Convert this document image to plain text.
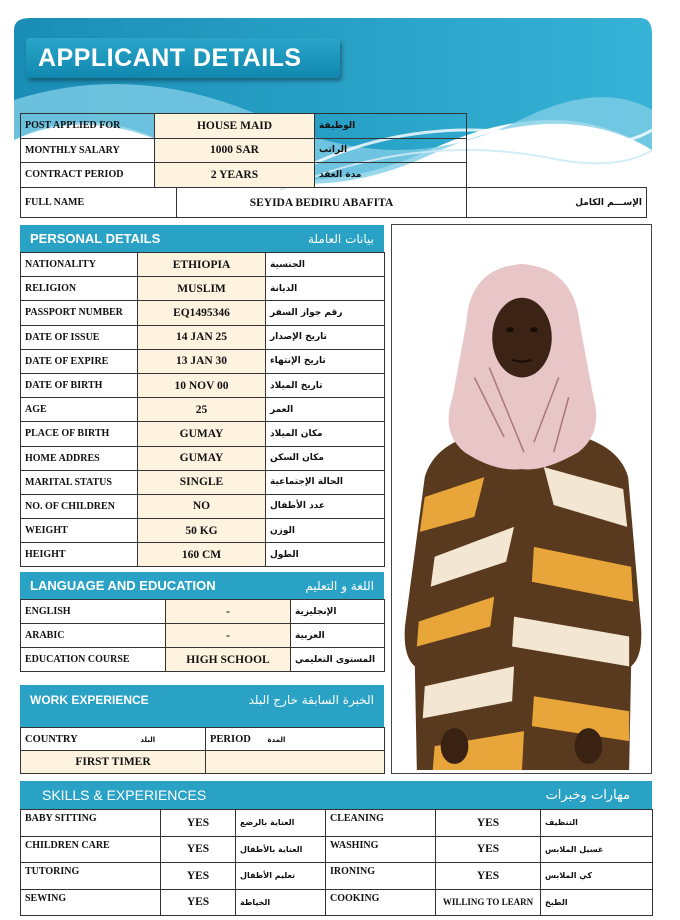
APPLICANT DETAILS
POST APPLIED FOR	HOUSE MAID	الوظيفة
MONTHLY SALARY	1000 SAR	الراتب
CONTRACT PERIOD	2 YEARS	مدة العقد
FULL NAME	SEYIDA BEDIRU ABAFITA	الإســـم الكامل
PERSONAL DETAILS	بيانات العاملة
NATIONALITY	ETHIOPIA	الجنسية
RELIGION	MUSLIM	الديانة
PASSPORT NUMBER	EQ1495346	رقم جواز السفر
DATE OF ISSUE	14 JAN 25	تاريخ الإصدار
DATE OF EXPIRE	13 JAN 30	تاريخ الإنتهاء
DATE OF BIRTH	10 NOV 00	تاريخ الميلاد
AGE	25	العمر
PLACE OF BIRTH	GUMAY	مكان الميلاد
HOME ADDRES	GUMAY	مكان السكن
MARITAL STATUS	SINGLE	الحالة الإجتماعية
NO. OF CHILDREN	NO	عدد الأطفال
WEIGHT	50 KG	الوزن
HEIGHT	160 CM	الطول
LANGUAGE AND EDUCATION	اللغة و التعليم
ENGLISH	-	الإنجليزية
ARABIC	-	العربية
EDUCATION COURSE	HIGH SCHOOL	المستوى التعليمي
WORK EXPERIENCE	الخبرة السابقة خارج البلد
COUNTRY البلد	PERIOD المدة
FIRST TIMER	
SKILLS & EXPERIENCES	مهارات وخبرات
BABY SITTING	YES	العناية بالرضع	CLEANING	YES	التنظيف
CHILDREN CARE	YES	العناية بالأطفال	WASHING	YES	غسيل الملابس
TUTORING	YES	تعليم الأطفال	IRONING	YES	كي الملابس
SEWING	YES	الخياطة	COOKING	WILLING TO LEARN	الطبخ
